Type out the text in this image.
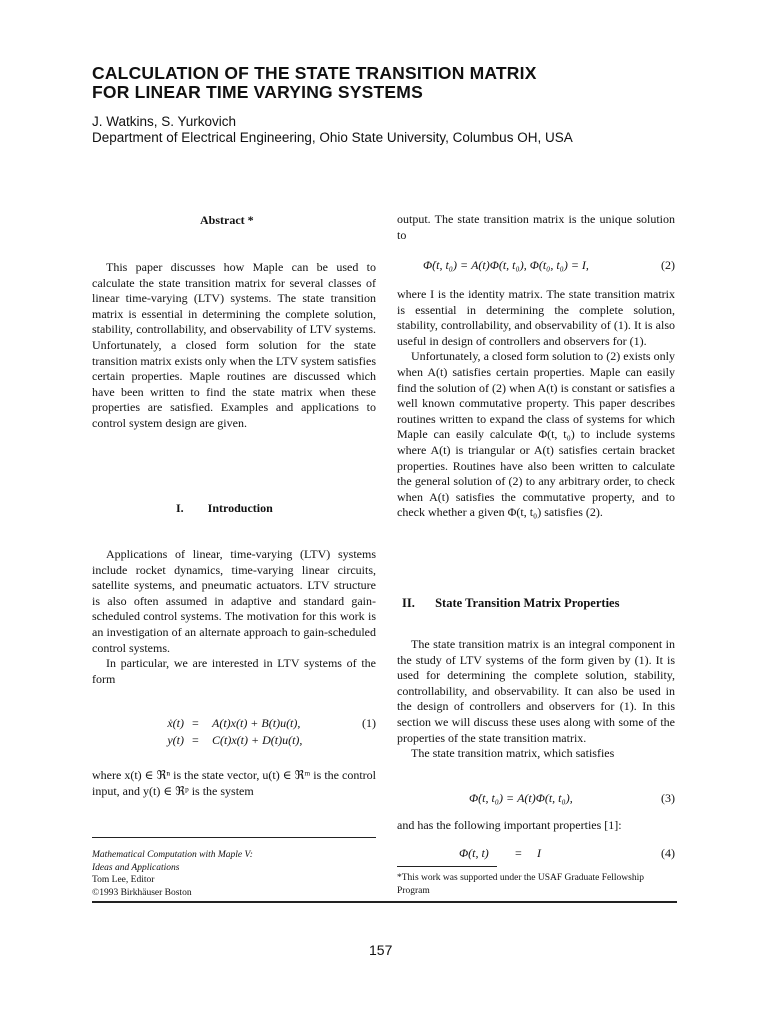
CALCULATION OF THE STATE TRANSITION MATRIX
FOR LINEAR TIME VARYING SYSTEMS
J. Watkins, S. Yurkovich
Department of Electrical Engineering, Ohio State University, Columbus OH, USA
Abstract *

This paper discusses how Maple can be used to calculate the state transition matrix for several classes of linear time-varying (LTV) systems. The state transition matrix is essential in determining the complete solution, stability, controllability, and observability of LTV systems. Unfortunately, a closed form solution for the state transition matrix exists only when the LTV system satisfies certain properties. Maple routines are discussed which have been written to find the state matrix when these properties are satisfied. Examples and applications to control system design are given.

I. Introduction

Applications of linear, time-varying (LTV) systems include rocket dynamics, time-varying linear circuits, satellite systems, and pneumatic actuators. LTV structure is also often assumed in adaptive and standard gain-scheduled control systems. The motivation for this work is an investigation of an alternate approach to gain-scheduled control systems.

In particular, we are interested in LTV systems of the form

ẋ(t) = A(t)x(t) + B(t)u(t),	(1)
y(t) = C(t)x(t) + D(t)u(t),

where x(t) ∈ ℜⁿ is the state vector, u(t) ∈ ℜᵐ is the control input, and y(t) ∈ ℜᵖ is the system

Mathematical Computation with Maple V:
Ideas and Applications
Tom Lee, Editor
©1993 Birkhäuser Boston

output. The state transition matrix is the unique solution to

Φ̇(t, t₀) = A(t)Φ(t, t₀), Φ(t₀, t₀) = I,	(2)

where I is the identity matrix. The state transition matrix is essential in determining the complete solution, stability, controllability, and observability of (1). It is also useful in design of controllers and observers for (1).

Unfortunately, a closed form solution to (2) exists only when A(t) satisfies certain properties. Maple can easily find the solution of (2) when A(t) is constant or satisfies a well known commutative property. This paper describes routines written to expand the class of systems for which Maple can easily calculate Φ(t, t₀) to include systems where A(t) is triangular or A(t) satisfies certain bracket properties. Routines have also been written to calculate the general solution of (2) to any arbitrary order, to check when A(t) satisfies the commutative property, and to check whether a given Φ(t, t₀) satisfies (2).

II. State Transition Matrix Properties

The state transition matrix is an integral component in the study of LTV systems of the form given by (1). It is used for determining the complete solution, stability, controllability, and observability. It can also be used in the design of controllers and observers for (1). In this section we will discuss these uses along with some of the properties of the state transition matrix.

The state transition matrix, which satisfies

Φ̇(t, t₀) = A(t)Φ(t, t₀),	(3)

and has the following important properties [1]:

Φ(t, t) = I	(4)
*This work was supported under the USAF Graduate Fellowship Program
157
